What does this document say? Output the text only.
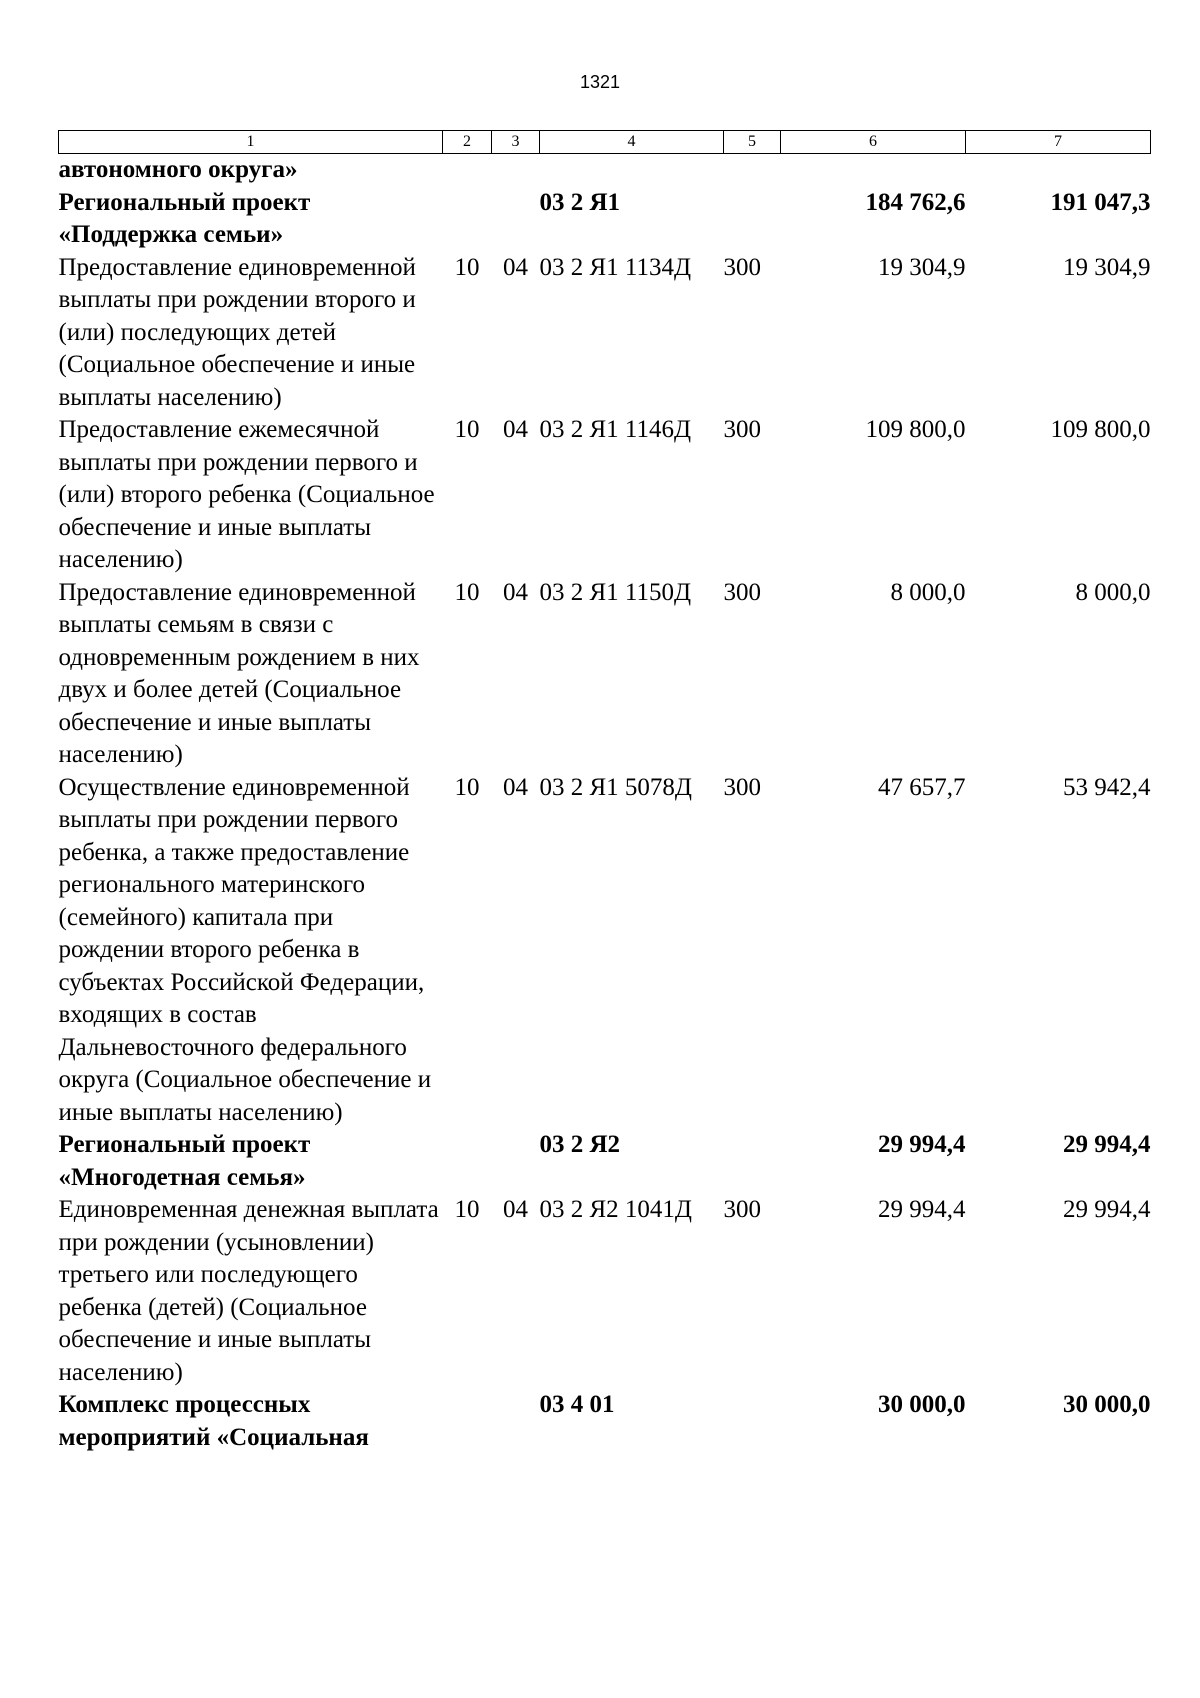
1321
1	2	3	4	5	6	7
автономного округа»						
Региональный проект «Поддержка семьи»			03 2 Я1		184 762,6	191 047,3
Предоставление единовременной выплаты при рождении второго и (или) последующих детей (Социальное обеспечение и иные выплаты населению)	10	04	03 2 Я1 1134Д	300	19 304,9	19 304,9
Предоставление ежемесячной выплаты при рождении первого и (или) второго ребенка (Социальное обеспечение и иные выплаты населению)	10	04	03 2 Я1 1146Д	300	109 800,0	109 800,0
Предоставление единовременной выплаты семьям в связи с одновременным рождением в них двух и более детей (Социальное обеспечение и иные выплаты населению)	10	04	03 2 Я1 1150Д	300	8 000,0	8 000,0
Осуществление единовременной выплаты при рождении первого ребенка, а также предоставление регионального материнского (семейного) капитала при рождении второго ребенка в субъектах Российской Федерации, входящих в состав Дальневосточного федерального округа (Социальное обеспечение и иные выплаты населению)	10	04	03 2 Я1 5078Д	300	47 657,7	53 942,4
Региональный проект «Многодетная семья»			03 2 Я2		29 994,4	29 994,4
Единовременная денежная выплата при рождении (усыновлении) третьего или последующего ребенка (детей) (Социальное обеспечение и иные выплаты населению)	10	04	03 2 Я2 1041Д	300	29 994,4	29 994,4
Комплекс процессных мероприятий «Социальная			03 4 01		30 000,0	30 000,0
